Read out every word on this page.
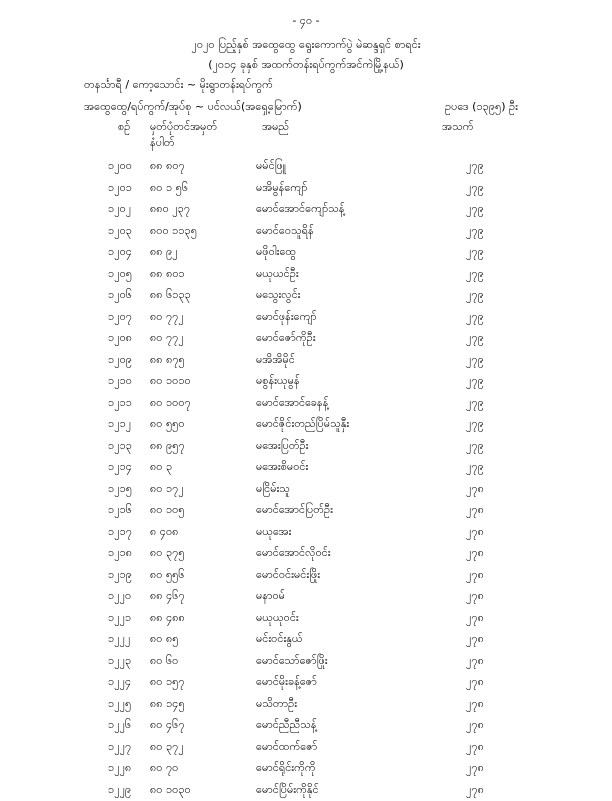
- ၄၀ -
၂၀၂၀ ပြည့်နှစ် အထွေထွေ ရွေးကောက်ပွဲ မဲဆန္ဒရှင် စာရင်း
(၂၀၁၄ ခုနှစ် အထက်တန်းရပ်ကွက်အင်ကဲမြို့နယ်)
တနင်္သာရီ / ကော့သောင်း ~ မိုးရွာတန်းရပ်ကွက်
အထွေထွေ/ရပ်ကွက်/အုပ်စု ~ ပင်လယ်(အရှေ့မြောက်)	ဥပဒေ (၁၃၉၅) ဦး
စဉ် မှတ်ပုံတင်အမှတ်
နံပါတ်
အမည်	အသက်
၁၂၀၀ ၈၈ ၈၀၇	မမ်င်ဖြူ	၂၇၉
၁၂၀၁ ၈၀ ၁ ၅၆	မအိမွန်ကျော်	၂၇၉
၁၂၀၂ ၈၈၀ ၂၃၇	မောင်အောင်ကျော်သန့်	၂၇၉
၁၂၀၃ ၈၀၀ ၁၁၃၅	မောင်ဝေသူရိန်	၂၇၉
၁၂၀၄ ၈၈ ၉၂	မဖိုဝါးထွေ	၂၇၉
၁၂၀၅ ၈၈ ၈၀၁	မယုယင်ဦး	၂၇၉
၁၂၀၆ ၈၈ ၆၁၃၃	မသွေးလွင်း	၂၇၉
၁၂၀၇ ၈၀ ၇၇၂	မောင်ဖုန်းကျော်	၂၇၉
၁၂၀၈ ၈၀ ၇၇၂	မောင်ဇော်ကိုဦး	၂၇၉
၁၂၀၉ ၈၈ ၈၇၅	မအိအိမိုင်	၂၇၉
၁၂၁၀ ၈၀ ၁၀၁၀	မစွန်းယုမွန်	၂၇၉
၁၂၁၁ ၈၀ ၁၀၀၇	မောင်အောင်ခေနန့်	၂၇၉
၁၂၁၂ ၈၀ ၅၅၀	မောင်ဇိုင်းတည်ပြိမ်သူနှီး	၂၇၉
၁၂၁၃ ၈၈ ၉၅၇	မအေးပြတ်ဦး	၂၇၉
၁၂၁၄ ၈၀ ၃	မအေးစိမဝင်း	၂၇၉
၁၂၁၅ ၈၀ ၁၇၂	မငြိမ်းသူ	၂၇၈
၁၂၁၆ ၈၀ ၁၀၅	မောင်အောင်ပြတ်ဦး	၂၇၈
၁၂၁၇ ၈ ၄၀၈	မယုအေး	၂၇၈
၁၂၁၈ ၈၀ ၃၇၅	မောင်အောင်လိုဝင်း	၂၇၈
၁၂၁၉ ၈၀ ၅၅၆	မောင်ဝင်းမင်းဖြိုး	၂၇၈
၁၂၂၀ ၈၈ ၄၆၇	မနာဝမ်	၂၇၈
၁၂၂၁ ၈၈ ၄၈၈	မယုယုဝင်း	၂၇၈
၁၂၂၂ ၈၀ ၈၅	မင်းဝင်းနွယ်	၂၇၈
၁၂၂၃ ၈၀ ၆၀	မောင်သော်ဇော်ဖြိုး	၂၇၈
၁၂၂၄ ၈၀ ၁၅၇	မောင်မိုးခန့်ဇော်	၂၇၈
၁၂၂၅ ၈၈ ၁၄၅	မသိတာဦး	၂၇၈
၁၂၂၆ ၈၀ ၄၆၇	မောင်ညီညီသန့်	၂၇၈
၁၂၂၇ ၈၀ ၃၇၂	မောင်ထက်ဇော်	၂၇၈
၁၂၂၈ ၈၀ ၇၀	မောင်ရိုင်းကိုကို	၂၇၈
၁၂၂၉ ၈၀ ၁၀၃၀	မောင်ပြိမ်းကိုနိုင်	၂၇၈
